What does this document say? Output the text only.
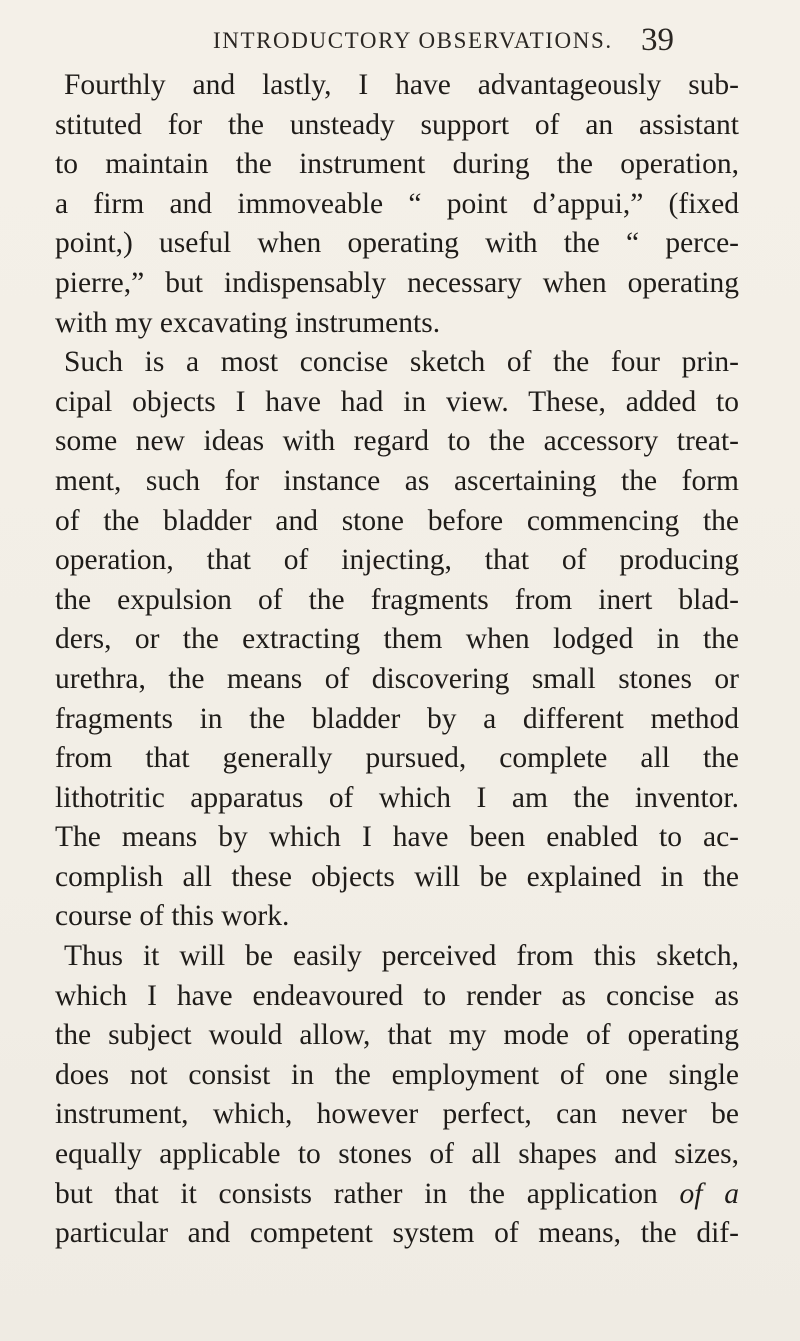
INTRODUCTORY OBSERVATIONS. 39
Fourthly and lastly, I have advantageously sub-
stituted for the unsteady support of an assistant
to maintain the instrument during the operation,
a firm and immoveable “ point d’appui,” (fixed
point,) useful when operating with the “ perce-
pierre,” but indispensably necessary when operating
with my excavating instruments.
Such is a most concise sketch of the four prin-
cipal objects I have had in view. These, added to
some new ideas with regard to the accessory treat-
ment, such for instance as ascertaining the form
of the bladder and stone before commencing the
operation, that of injecting, that of producing
the expulsion of the fragments from inert blad-
ders, or the extracting them when lodged in the
urethra, the means of discovering small stones or
fragments in the bladder by a different method
from that generally pursued, complete all the
lithotritic apparatus of which I am the inventor.
The means by which I have been enabled to ac-
complish all these objects will be explained in the
course of this work.
Thus it will be easily perceived from this sketch,
which I have endeavoured to render as concise as
the subject would allow, that my mode of operating
does not consist in the employment of one single
instrument, which, however perfect, can never be
equally applicable to stones of all shapes and sizes,
but that it consists rather in the application of a
particular and competent system of means, the dif-
